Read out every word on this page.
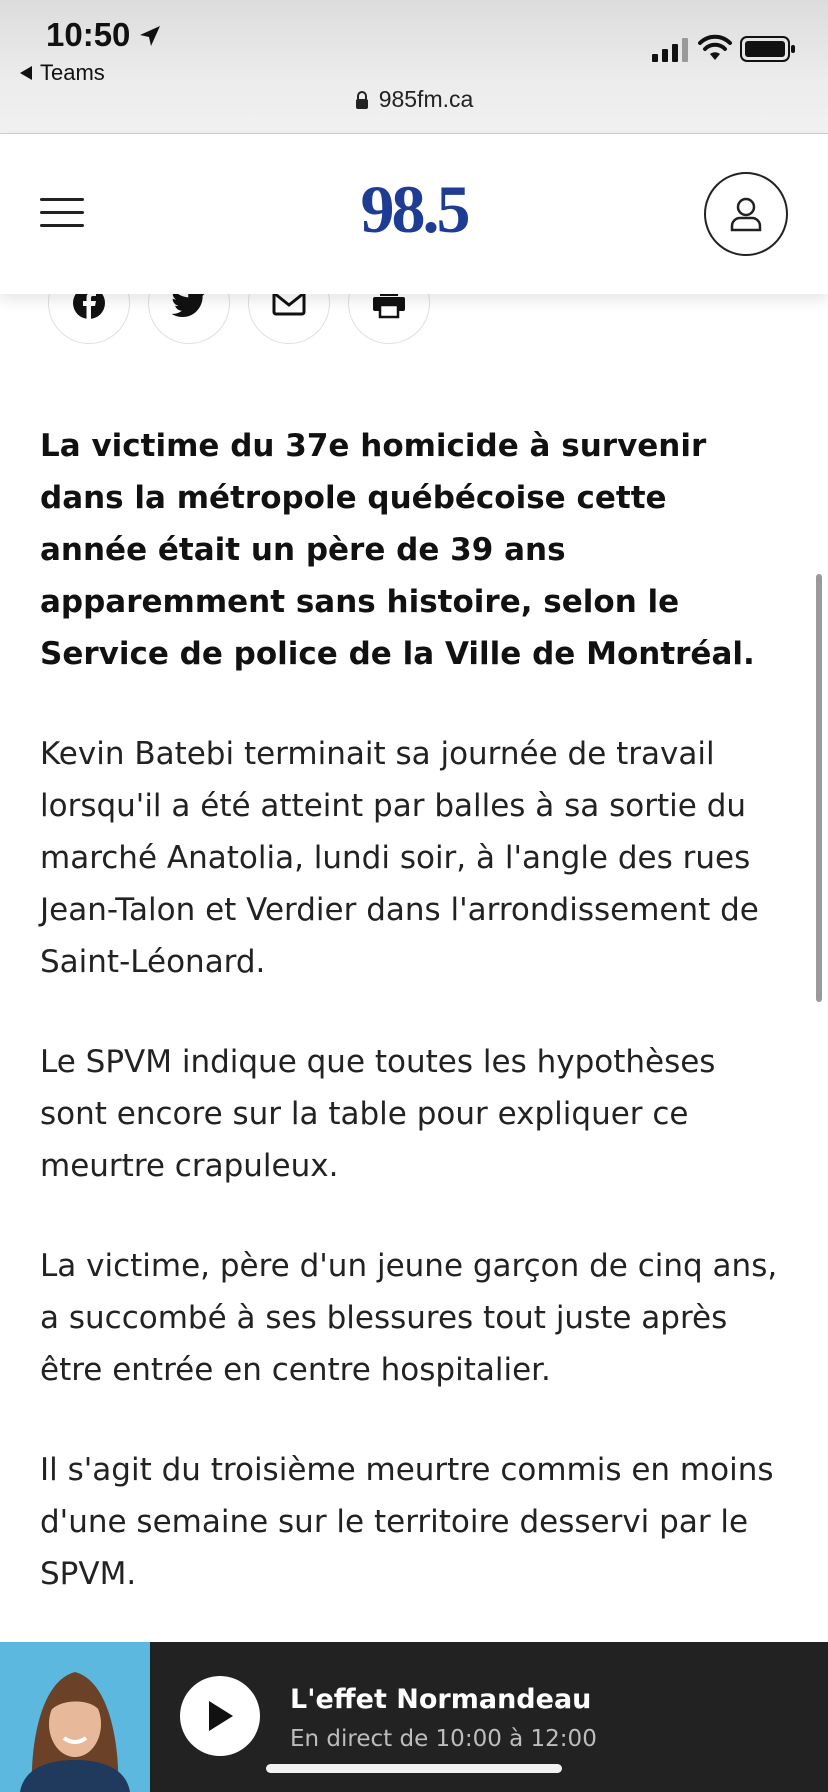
10:50
Teams
985fm.ca
98.5

La victime du 37e homicide à survenir dans la métropole québécoise cette année était un père de 39 ans apparemment sans histoire, selon le Service de police de la Ville de Montréal.

Kevin Batebi terminait sa journée de travail lorsqu'il a été atteint par balles à sa sortie du marché Anatolia, lundi soir, à l'angle des rues Jean-Talon et Verdier dans l'arrondissement de Saint-Léonard.

Le SPVM indique que toutes les hypothèses sont encore sur la table pour expliquer ce meurtre crapuleux.

La victime, père d'un jeune garçon de cinq ans, a succombé à ses blessures tout juste après être entrée en centre hospitalier.

Il s'agit du troisième meurtre commis en moins d'une semaine sur le territoire desservi par le SPVM.

L'effet Normandeau
En direct de 10:00 à 12:00
